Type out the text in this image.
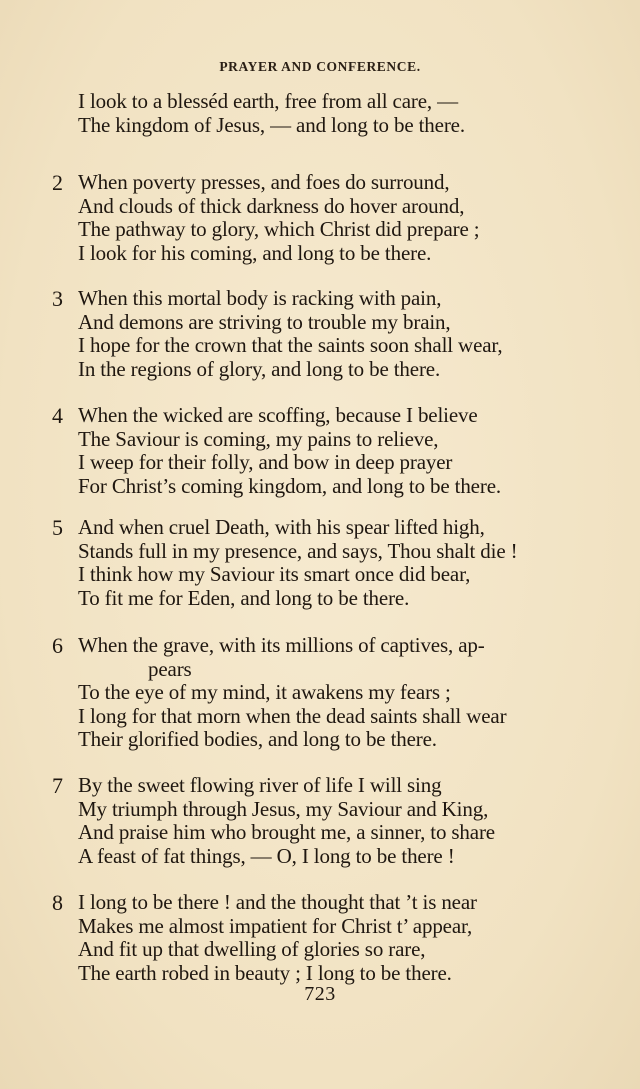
PRAYER AND CONFERENCE.
I look to a blesséd earth, free from all care, —
The kingdom of Jesus, — and long to be there.
2 When poverty presses, and foes do surround,
And clouds of thick darkness do hover around,
The pathway to glory, which Christ did prepare ;
I look for his coming, and long to be there.
3 When this mortal body is racking with pain,
And demons are striving to trouble my brain,
I hope for the crown that the saints soon shall wear,
In the regions of glory, and long to be there.
4 When the wicked are scoffing, because I believe
The Saviour is coming, my pains to relieve,
I weep for their folly, and bow in deep prayer
For Christ’s coming kingdom, and long to be there.
5 And when cruel Death, with his spear lifted high,
Stands full in my presence, and says, Thou shalt die !
I think how my Saviour its smart once did bear,
To fit me for Eden, and long to be there.
6 When the grave, with its millions of captives, ap-
pears
To the eye of my mind, it awakens my fears ;
I long for that morn when the dead saints shall wear
Their glorified bodies, and long to be there.
7 By the sweet flowing river of life I will sing
My triumph through Jesus, my Saviour and King,
And praise him who brought me, a sinner, to share
A feast of fat things, — O, I long to be there !
8 I long to be there ! and the thought that ’t is near
Makes me almost impatient for Christ t’ appear,
And fit up that dwelling of glories so rare,
The earth robed in beauty ; I long to be there.
723
